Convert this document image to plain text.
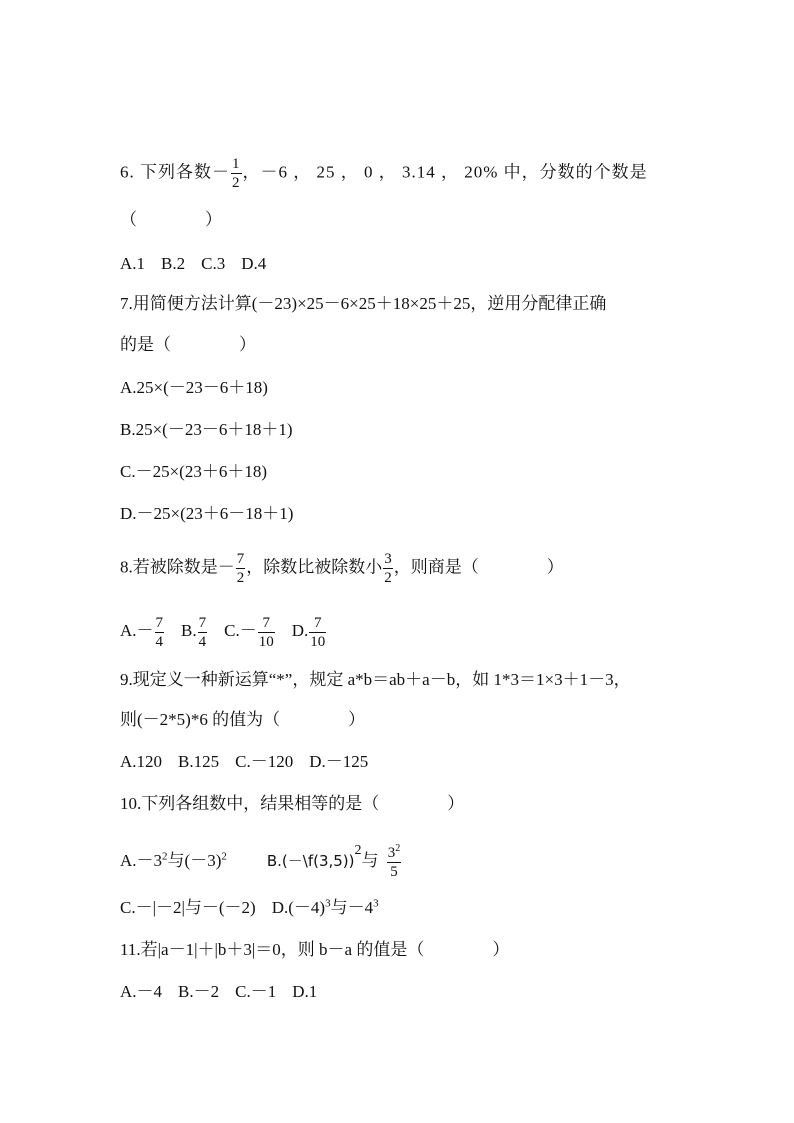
6. 下列各数－ $\frac{1}{2}$ ，－6 ， 25 ， 0 ， 3.14 ， 20% 中，分数的个数是
（　　　　）
A.1 B.2 C.3 D.4
7.用简便方法计算(－23)×25－6×25＋18×25＋25，逆用分配律正确
的是（　　　　）
A.25×(－23－6＋18)
B.25×(－23－6＋18＋1)
C.－25×(23＋6＋18)
D.－25×(23＋6－18＋1)
8.若被除数是－ $\frac{7}{2}$ ，除数比被除数小 $\frac{3}{2}$ ，则商是（　　　　）
$A.- \frac{7}{4} B$. $\frac{7}{4} C.- \frac{7}{10} D$. $\frac{7}{10}$
9.现定义一种新运算“*”，规定 a*b＝ab＋a－b，如 1*3＝1×3＋1－3，
则(－2*5)*6 的值为（　　　　）
A.120 B.125 C.－120 D.－125
10.下列各组数中，结果相等的是（　　　　）
$A.-3^2$与$(-3)^2$	B.(－\f(3,5))$^2$与 $\frac{3^2}{5}$
C.－|－2|与－(－2) $D.(-4)^3$与$-4^3$
11.若|a－1|＋|b＋3|＝0，则 b－a 的值是（　　　　）
A.－4 B.－2 C.－1 D.1
